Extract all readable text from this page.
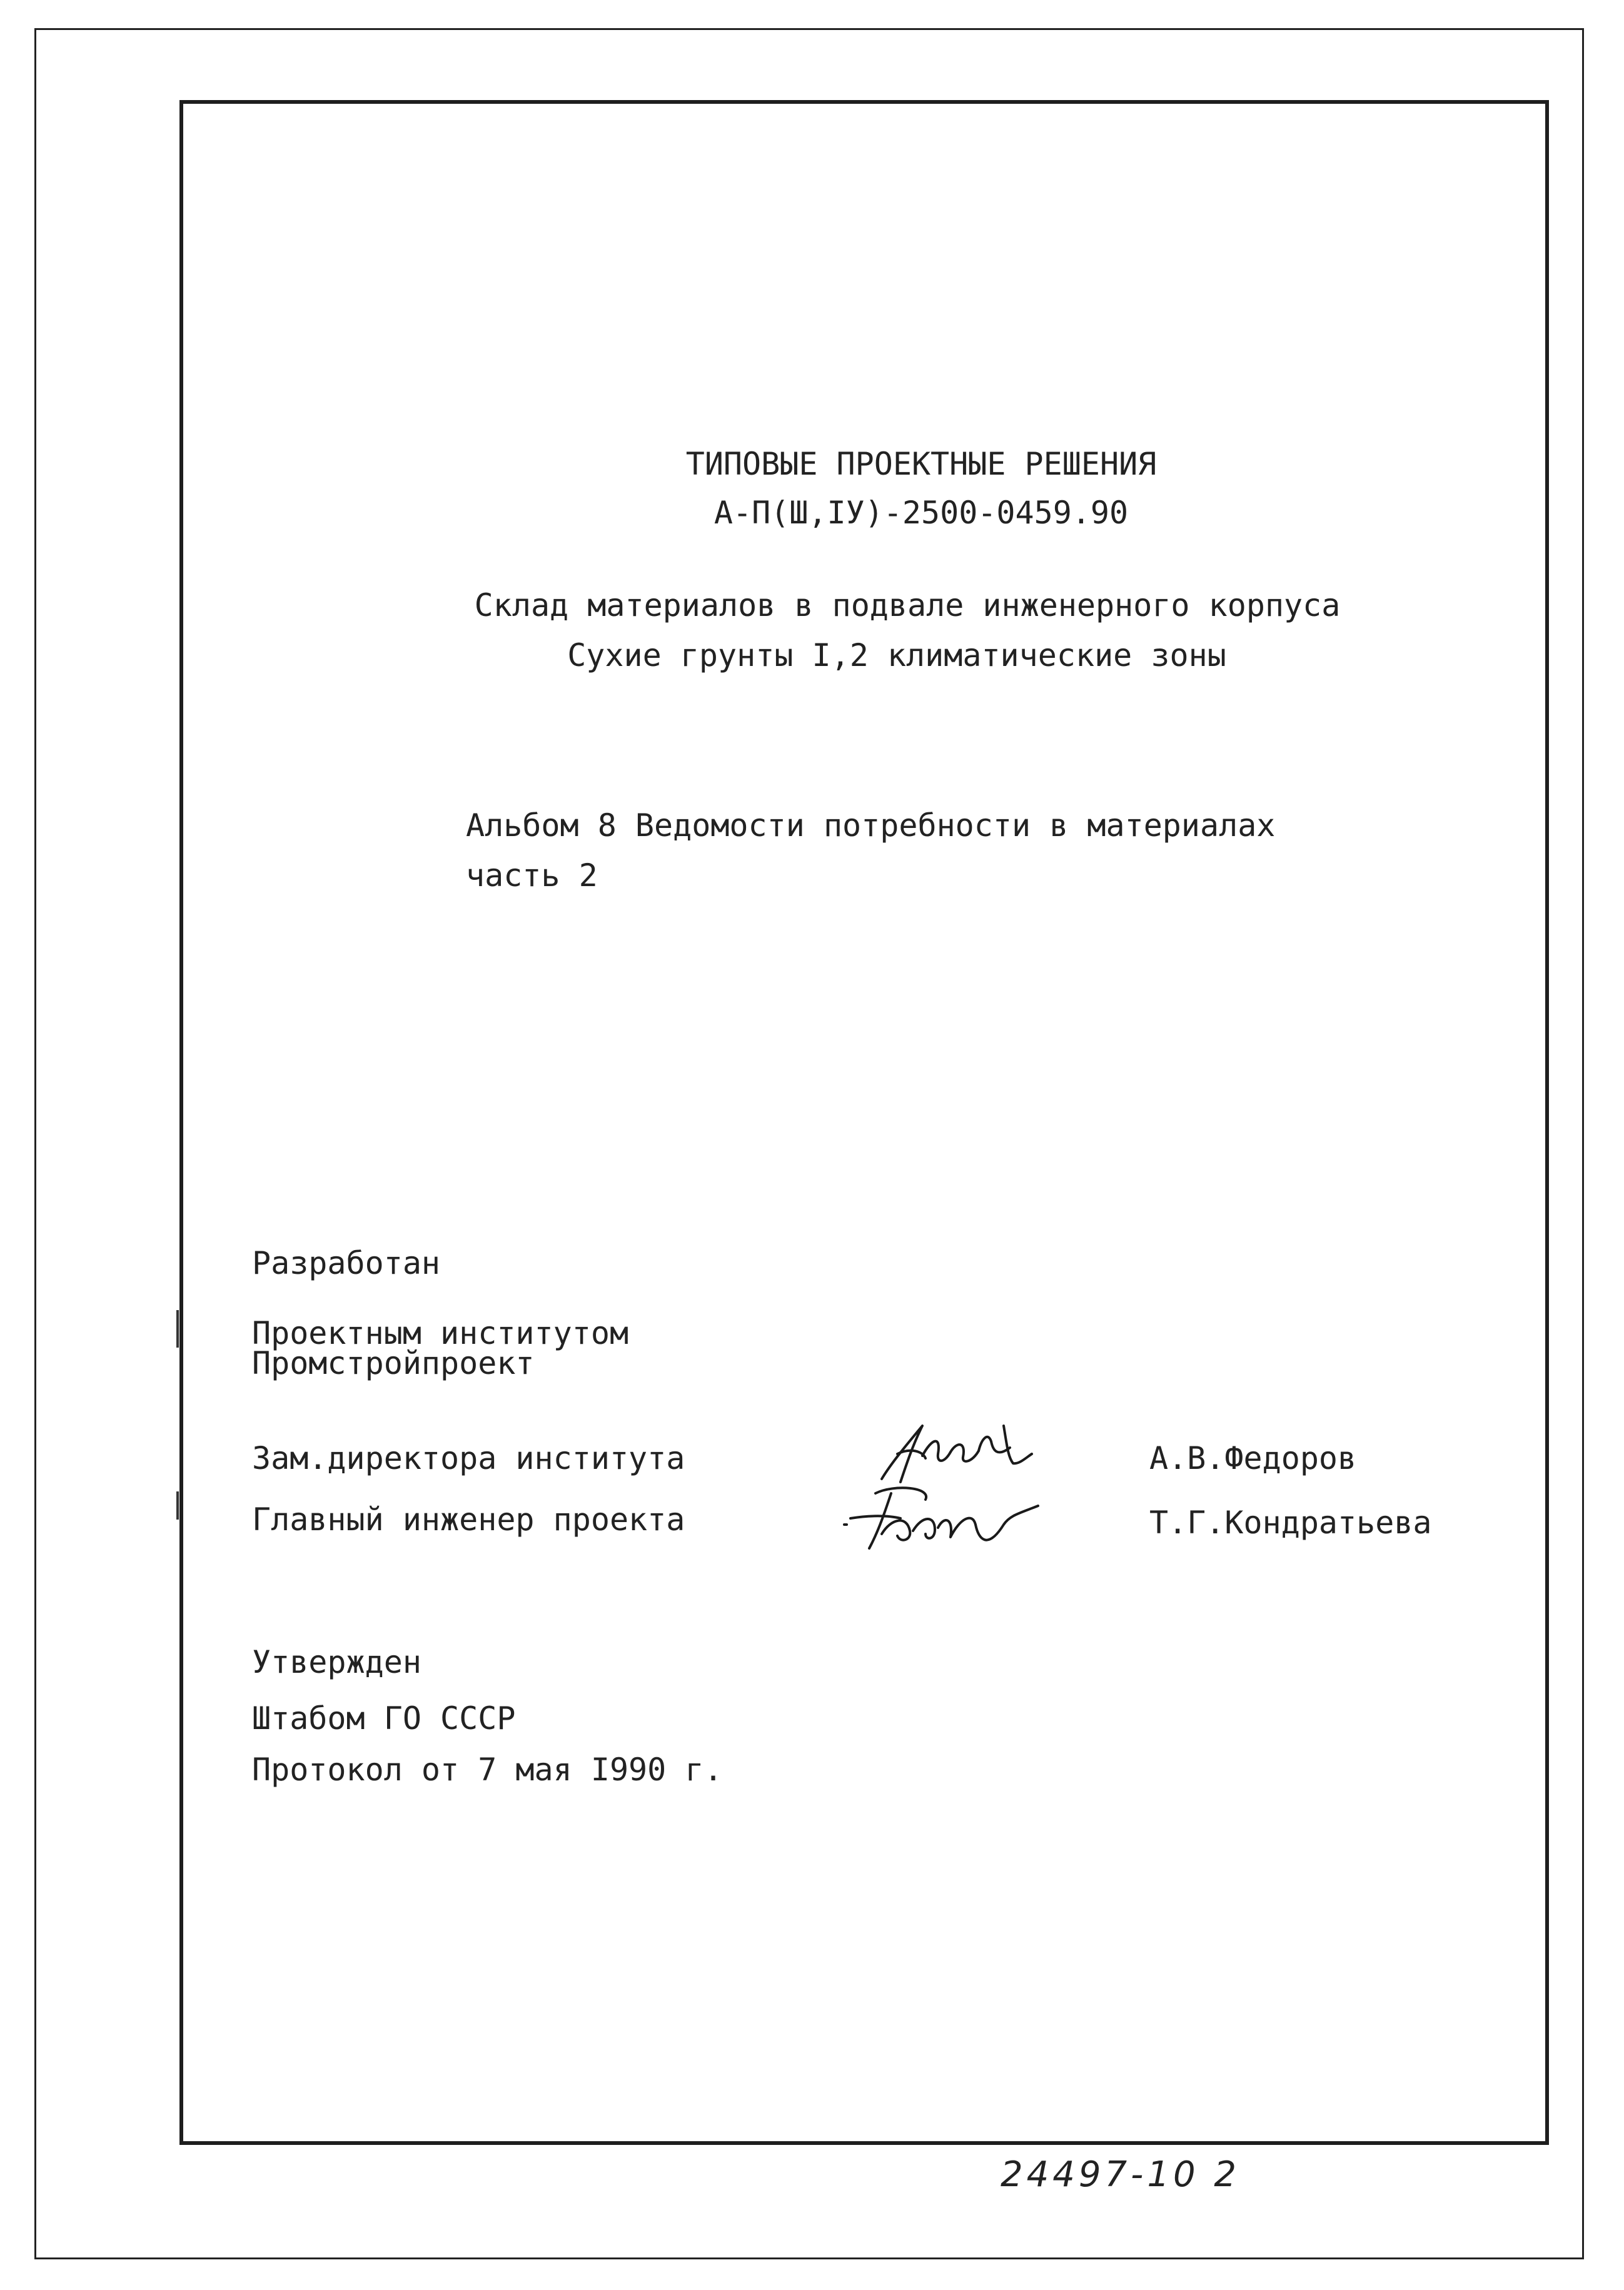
ТИПОВЫЕ ПРОЕКТНЫЕ РЕШЕНИЯ
А-П(Ш,IУ)-2500-0459.90
Склад материалов в подвале инженерного корпуса
Сухие грунты I,2 климатические зоны
Альбом 8 Ведомости потребности в материалах
часть 2
Разработан
Проектным институтом
Промстройпроект
Зам.директора института	А.В.Федоров
Главный инженер проекта	Т.Г.Кондратьева
Утвержден
Штабом ГО СССР
Протокол от 7 мая I990 г.
24497-10 2
